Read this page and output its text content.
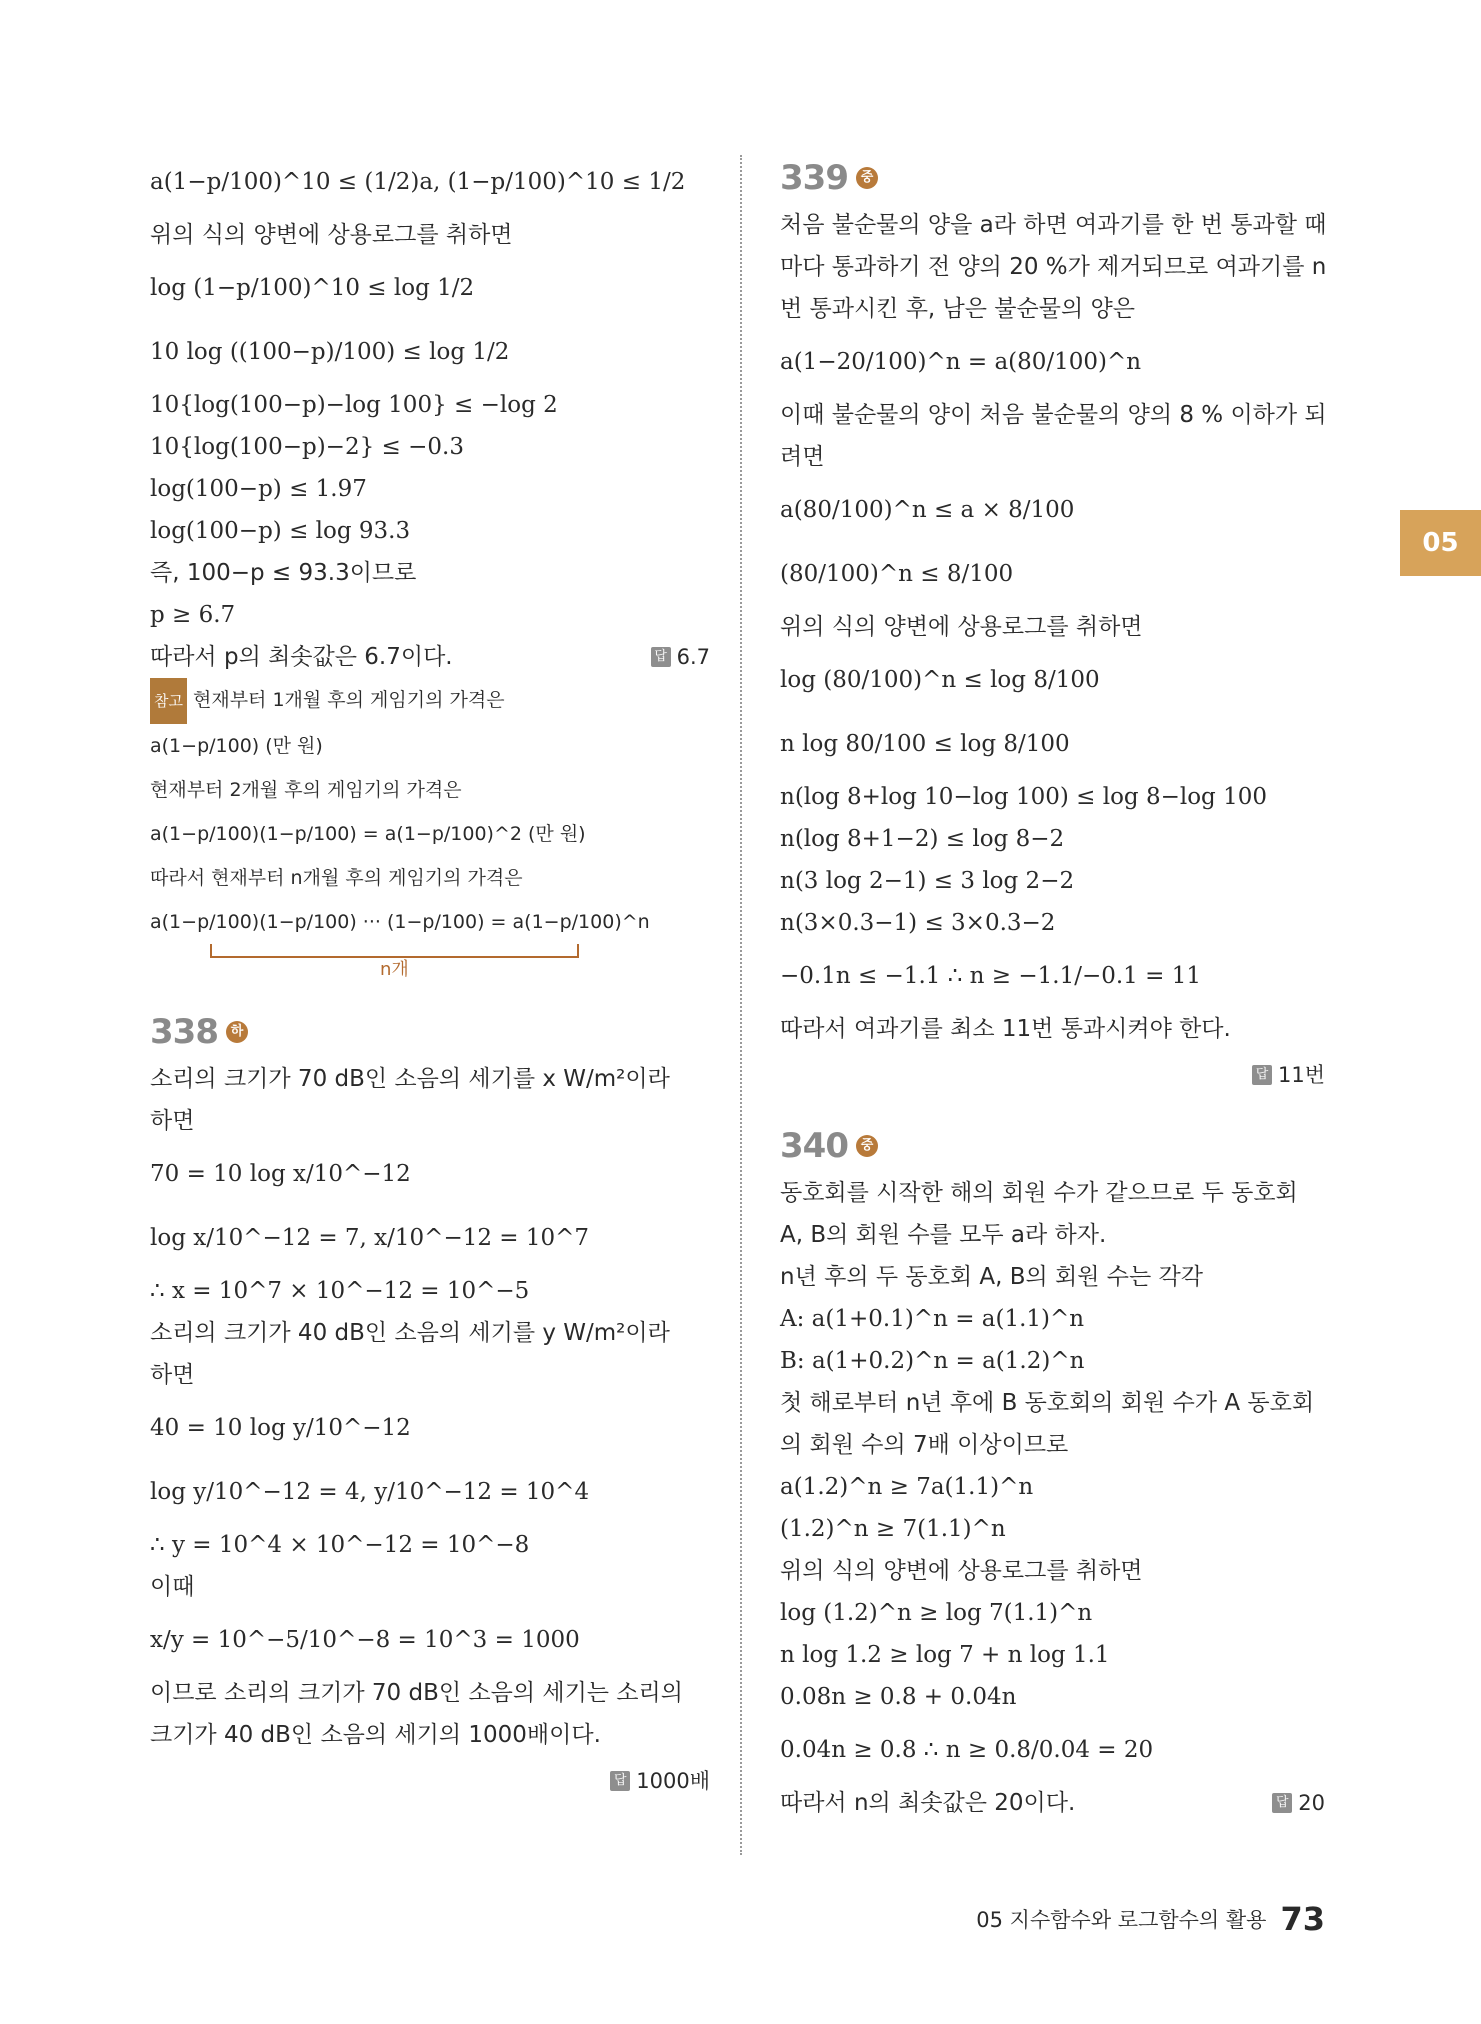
a(1−p/100)^10 ≤ (1/2)a, (1−p/100)^10 ≤ 1/2
위의 식의 양변에 상용로그를 취하면
log (1−p/100)^10 ≤ log 1/2
10 log ((100−p)/100) ≤ log 1/2
10{log(100−p)−log 100} ≤ −log 2
10{log(100−p)−2} ≤ −0.3
log(100−p) ≤ 1.97
log(100−p) ≤ log 93.3
즉, 100−p ≤ 93.3이므로
p ≥ 6.7
따라서 p의 최솟값은 6.7이다.	답 6.7
참고 현재부터 1개월 후의 게임기의 가격은
a(1−p/100) (만 원)
현재부터 2개월 후의 게임기의 가격은
a(1−p/100)(1−p/100) = a(1−p/100)^2 (만 원)
따라서 현재부터 n개월 후의 게임기의 가격은
a(1−p/100)(1−p/100) ··· (1−p/100) = a(1−p/100)^n
n개
338 하
소리의 크기가 70 dB인 소음의 세기를 x W/m²이라
하면
70 = 10 log x/10^−12
log x/10^−12 = 7, x/10^−12 = 10^7
∴ x = 10^7 × 10^−12 = 10^−5
소리의 크기가 40 dB인 소음의 세기를 y W/m²이라
하면
40 = 10 log y/10^−12
log y/10^−12 = 4, y/10^−12 = 10^4
∴ y = 10^4 × 10^−12 = 10^−8
이때
x/y = 10^−5/10^−8 = 10^3 = 1000
이므로 소리의 크기가 70 dB인 소음의 세기는 소리의
크기가 40 dB인 소음의 세기의 1000배이다.
답 1000배
339 중
처음 불순물의 양을 a라 하면 여과기를 한 번 통과할 때
마다 통과하기 전 양의 20 %가 제거되므로 여과기를 n
번 통과시킨 후, 남은 불순물의 양은
a(1−20/100)^n = a(80/100)^n
이때 불순물의 양이 처음 불순물의 양의 8 % 이하가 되
려면
a(80/100)^n ≤ a × 8/100
(80/100)^n ≤ 8/100
위의 식의 양변에 상용로그를 취하면
log (80/100)^n ≤ log 8/100
n log 80/100 ≤ log 8/100
n(log 8+log 10−log 100) ≤ log 8−log 100
n(log 8+1−2) ≤ log 8−2
n(3 log 2−1) ≤ 3 log 2−2
n(3×0.3−1) ≤ 3×0.3−2
−0.1n ≤ −1.1 ∴ n ≥ −1.1/−0.1 = 11
따라서 여과기를 최소 11번 통과시켜야 한다.
답 11번
340 중
동호회를 시작한 해의 회원 수가 같으므로 두 동호회
A, B의 회원 수를 모두 a라 하자.
n년 후의 두 동호회 A, B의 회원 수는 각각
A: a(1+0.1)^n = a(1.1)^n
B: a(1+0.2)^n = a(1.2)^n
첫 해로부터 n년 후에 B 동호회의 회원 수가 A 동호회
의 회원 수의 7배 이상이므로
a(1.2)^n ≥ 7a(1.1)^n
(1.2)^n ≥ 7(1.1)^n
위의 식의 양변에 상용로그를 취하면
log (1.2)^n ≥ log 7(1.1)^n
n log 1.2 ≥ log 7 + n log 1.1
0.08n ≥ 0.8 + 0.04n
0.04n ≥ 0.8 ∴ n ≥ 0.8/0.04 = 20
따라서 n의 최솟값은 20이다.	답 20
05
05 지수함수와 로그함수의 활용 73
